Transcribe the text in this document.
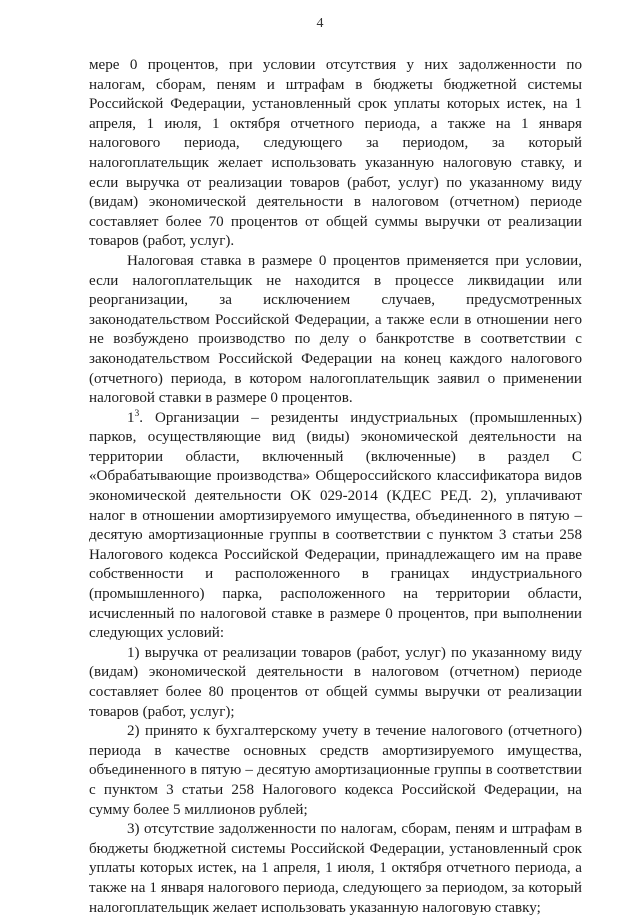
4

мере 0 процентов, при условии отсутствия у них задолженности по налогам, сборам, пеням и штрафам в бюджеты бюджетной системы Российской Федерации, установленный срок уплаты которых истек, на 1 апреля, 1 июля, 1 октября отчетного периода, а также на 1 января налогового периода, следующего за периодом, за который налогоплательщик желает использовать указанную налоговую ставку, и если выручка от реализации товаров (работ, услуг) по указанному виду (видам) экономической деятельности в налоговом (отчетном) периоде составляет более 70 процентов от общей суммы выручки от реализации товаров (работ, услуг).

Налоговая ставка в размере 0 процентов применяется при условии, если налогоплательщик не находится в процессе ликвидации или реорганизации, за исключением случаев, предусмотренных законодательством Российской Федерации, а также если в отношении него не возбуждено производство по делу о банкротстве в соответствии с законодательством Российской Федерации на конец каждого налогового (отчетного) периода, в котором налогоплательщик заявил о применении налоговой ставки в размере 0 процентов.

$1^3$. Организации – резиденты индустриальных (промышленных) парков, осуществляющие вид (виды) экономической деятельности на территории области, включенный (включенные) в раздел С «Обрабатывающие производства» Общероссийского классификатора видов экономической деятельности ОК 029-2014 (КДЕС РЕД. 2), уплачивают налог в отношении амортизируемого имущества, объединенного в пятую – десятую амортизационные группы в соответствии с пунктом 3 статьи 258 Налогового кодекса Российской Федерации, принадлежащего им на праве собственности и расположенного в границах индустриального (промышленного) парка, расположенного на территории области, исчисленный по налоговой ставке в размере 0 процентов, при выполнении следующих условий:

1) выручка от реализации товаров (работ, услуг) по указанному виду (видам) экономической деятельности в налоговом (отчетном) периоде составляет более 80 процентов от общей суммы выручки от реализации товаров (работ, услуг);

2) принято к бухгалтерскому учету в течение налогового (отчетного) периода в качестве основных средств амортизируемого имущества, объединенного в пятую – десятую амортизационные группы в соответствии с пунктом 3 статьи 258 Налогового кодекса Российской Федерации, на сумму более 5 миллионов рублей;

3) отсутствие задолженности по налогам, сборам, пеням и штрафам в бюджеты бюджетной системы Российской Федерации, установленный срок уплаты которых истек, на 1 апреля, 1 июля, 1 октября отчетного периода, а также на 1 января налогового периода, следующего за периодом, за который налогоплательщик желает использовать указанную налоговую ставку;
